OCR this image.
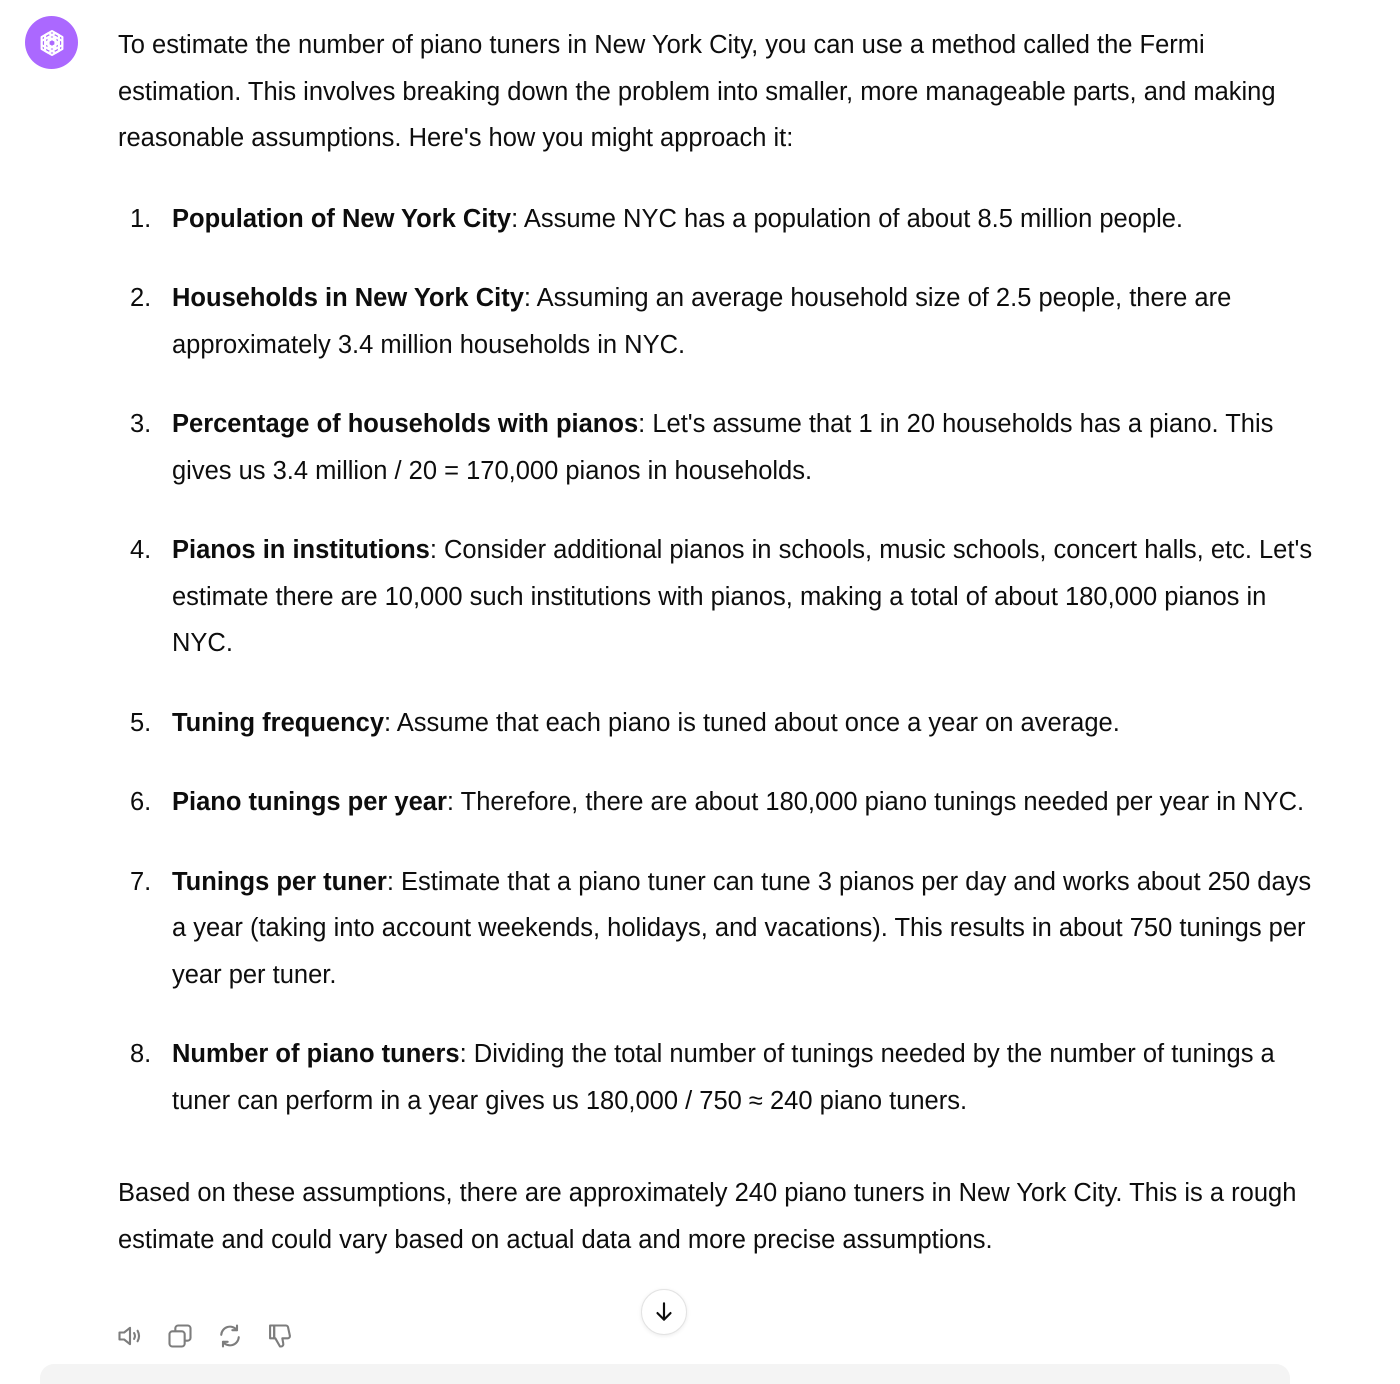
To estimate the number of piano tuners in New York City, you can use a method called the Fermi estimation. This involves breaking down the problem into smaller, more manageable parts, and making reasonable assumptions. Here's how you might approach it:

1. Population of New York City: Assume NYC has a population of about 8.5 million people.
2. Households in New York City: Assuming an average household size of 2.5 people, there are approximately 3.4 million households in NYC.
3. Percentage of households with pianos: Let's assume that 1 in 20 households has a piano. This gives us 3.4 million / 20 = 170,000 pianos in households.
4. Pianos in institutions: Consider additional pianos in schools, music schools, concert halls, etc. Let's estimate there are 10,000 such institutions with pianos, making a total of about 180,000 pianos in NYC.
5. Tuning frequency: Assume that each piano is tuned about once a year on average.
6. Piano tunings per year: Therefore, there are about 180,000 piano tunings needed per year in NYC.
7. Tunings per tuner: Estimate that a piano tuner can tune 3 pianos per day and works about 250 days a year (taking into account weekends, holidays, and vacations). This results in about 750 tunings per year per tuner.
8. Number of piano tuners: Dividing the total number of tunings needed by the number of tunings a tuner can perform in a year gives us 180,000 / 750 ≈ 240 piano tuners.

Based on these assumptions, there are approximately 240 piano tuners in New York City. This is a rough estimate and could vary based on actual data and more precise assumptions.
